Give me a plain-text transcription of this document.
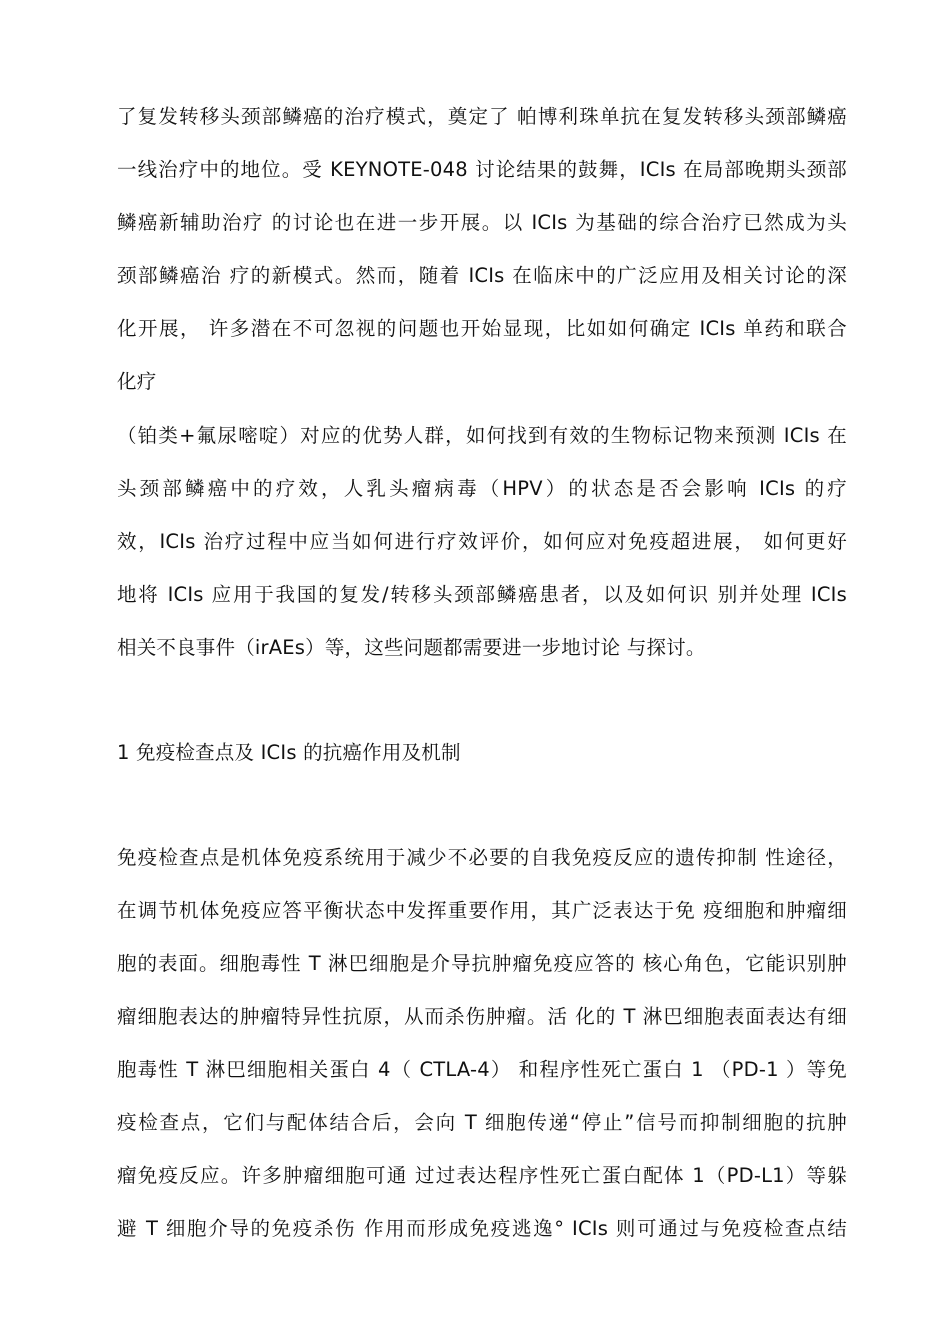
了复发转移头颈部鳞癌的治疗模式，奠定了 帕博利珠单抗在复发转移头颈部鳞癌
一线治疗中的地位。受 KEYNOTE-048 讨论结果的鼓舞，ICIs 在局部晚期头颈部
鳞癌新辅助治疗 的讨论也在进一步开展。以 ICIs 为基础的综合治疗已然成为头
颈部鳞癌治 疗的新模式。然而，随着 ICIs 在临床中的广泛应用及相关讨论的深
化开展， 许多潜在不可忽视的问题也开始显现，比如如何确定 ICIs 单药和联合
化疗
（铂类+氟尿嘧啶）对应的优势人群，如何找到有效的生物标记物来预测 ICIs 在
头颈部鳞癌中的疗效，人乳头瘤病毒（HPV）的状态是否会影响 ICIs 的疗
效，ICIs 治疗过程中应当如何进行疗效评价，如何应对免疫超进展， 如何更好
地将 ICIs 应用于我国的复发/转移头颈部鳞癌患者，以及如何识 别并处理 ICIs
相关不良事件（irAEs）等，这些问题都需要进一步地讨论 与探讨。
1 免疫检查点及 ICIs 的抗癌作用及机制
免疫检查点是机体免疫系统用于减少不必要的自我免疫反应的遗传抑制 性途径，
在调节机体免疫应答平衡状态中发挥重要作用，其广泛表达于免 疫细胞和肿瘤细
胞的表面。细胞毒性 T 淋巴细胞是介导抗肿瘤免疫应答的 核心角色，它能识别肿
瘤细胞表达的肿瘤特异性抗原，从而杀伤肿瘤。活 化的 T 淋巴细胞表面表达有细
胞毒性 T 淋巴细胞相关蛋白 4（ CTLA-4） 和程序性死亡蛋白 1 （PD-1 ）等免
疫检查点，它们与配体结合后，会向 T 细胞传递“停止”信号而抑制细胞的抗肿
瘤免疫反应。许多肿瘤细胞可通 过过表达程序性死亡蛋白配体 1（PD-L1）等躲
避 T 细胞介导的免疫杀伤 作用而形成免疫逃逸° ICIs 则可通过与免疫检查点结
